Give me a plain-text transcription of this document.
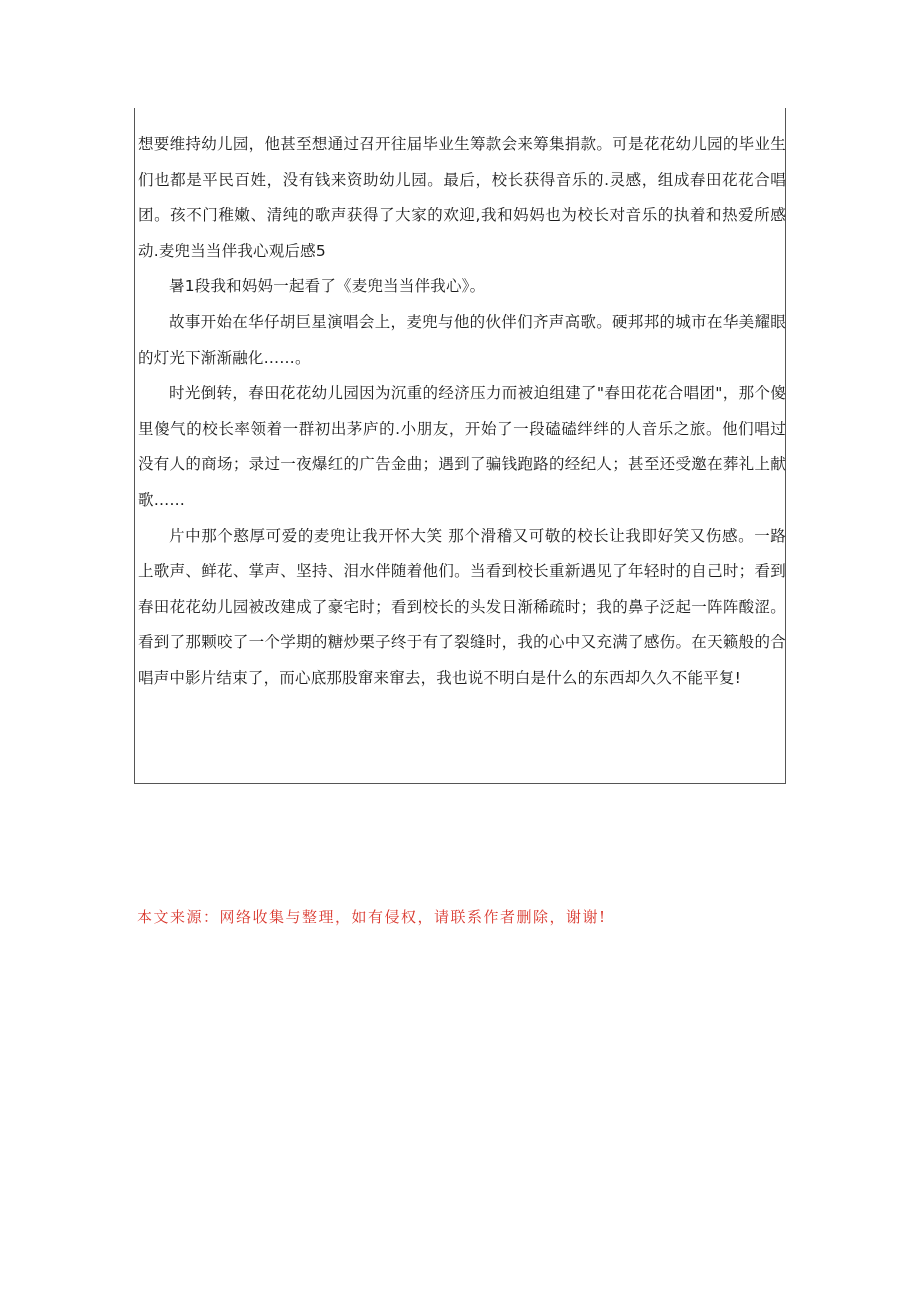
想要维持幼儿园，他甚至想通过召开往届毕业生筹款会来筹集捐款。可是花花幼儿园的毕业生们也都是平民百姓，没有钱来资助幼儿园。最后，校长获得音乐的.灵感，组成春田花花合唱团。孩不门稚嫩、清纯的歌声获得了大家的欢迎,我和妈妈也为校长对音乐的执着和热爱所感动.麦兜当当伴我心观后感5

暑1段我和妈妈一起看了《麦兜当当伴我心》。

故事开始在华仔胡巨星演唱会上，麦兜与他的伙伴们齐声高歌。硬邦邦的城市在华美耀眼的灯光下渐渐融化……。

时光倒转，春田花花幼儿园因为沉重的经济压力而被迫组建了"春田花花合唱团"，那个傻里傻气的校长率领着一群初出茅庐的.小朋友，开始了一段磕磕绊绊的人音乐之旅。他们唱过没有人的商场；录过一夜爆红的广告金曲；遇到了骗钱跑路的经纪人；甚至还受邀在葬礼上献歌……

片中那个憨厚可爱的麦兜让我开怀大笑 那个滑稽又可敬的校长让我即好笑又伤感。一路上歌声、鲜花、掌声、坚持、泪水伴随着他们。当看到校长重新遇见了年轻时的自己时；看到春田花花幼儿园被改建成了豪宅时；看到校长的头发日渐稀疏时；我的鼻子泛起一阵阵酸涩。看到了那颗咬了一个学期的糖炒栗子终于有了裂缝时，我的心中又充满了感伤。在天籁般的合唱声中影片结束了，而心底那股窜来窜去，我也说不明白是什么的东西却久久不能平复!

本文来源：网络收集与整理，如有侵权，请联系作者删除，谢谢!
